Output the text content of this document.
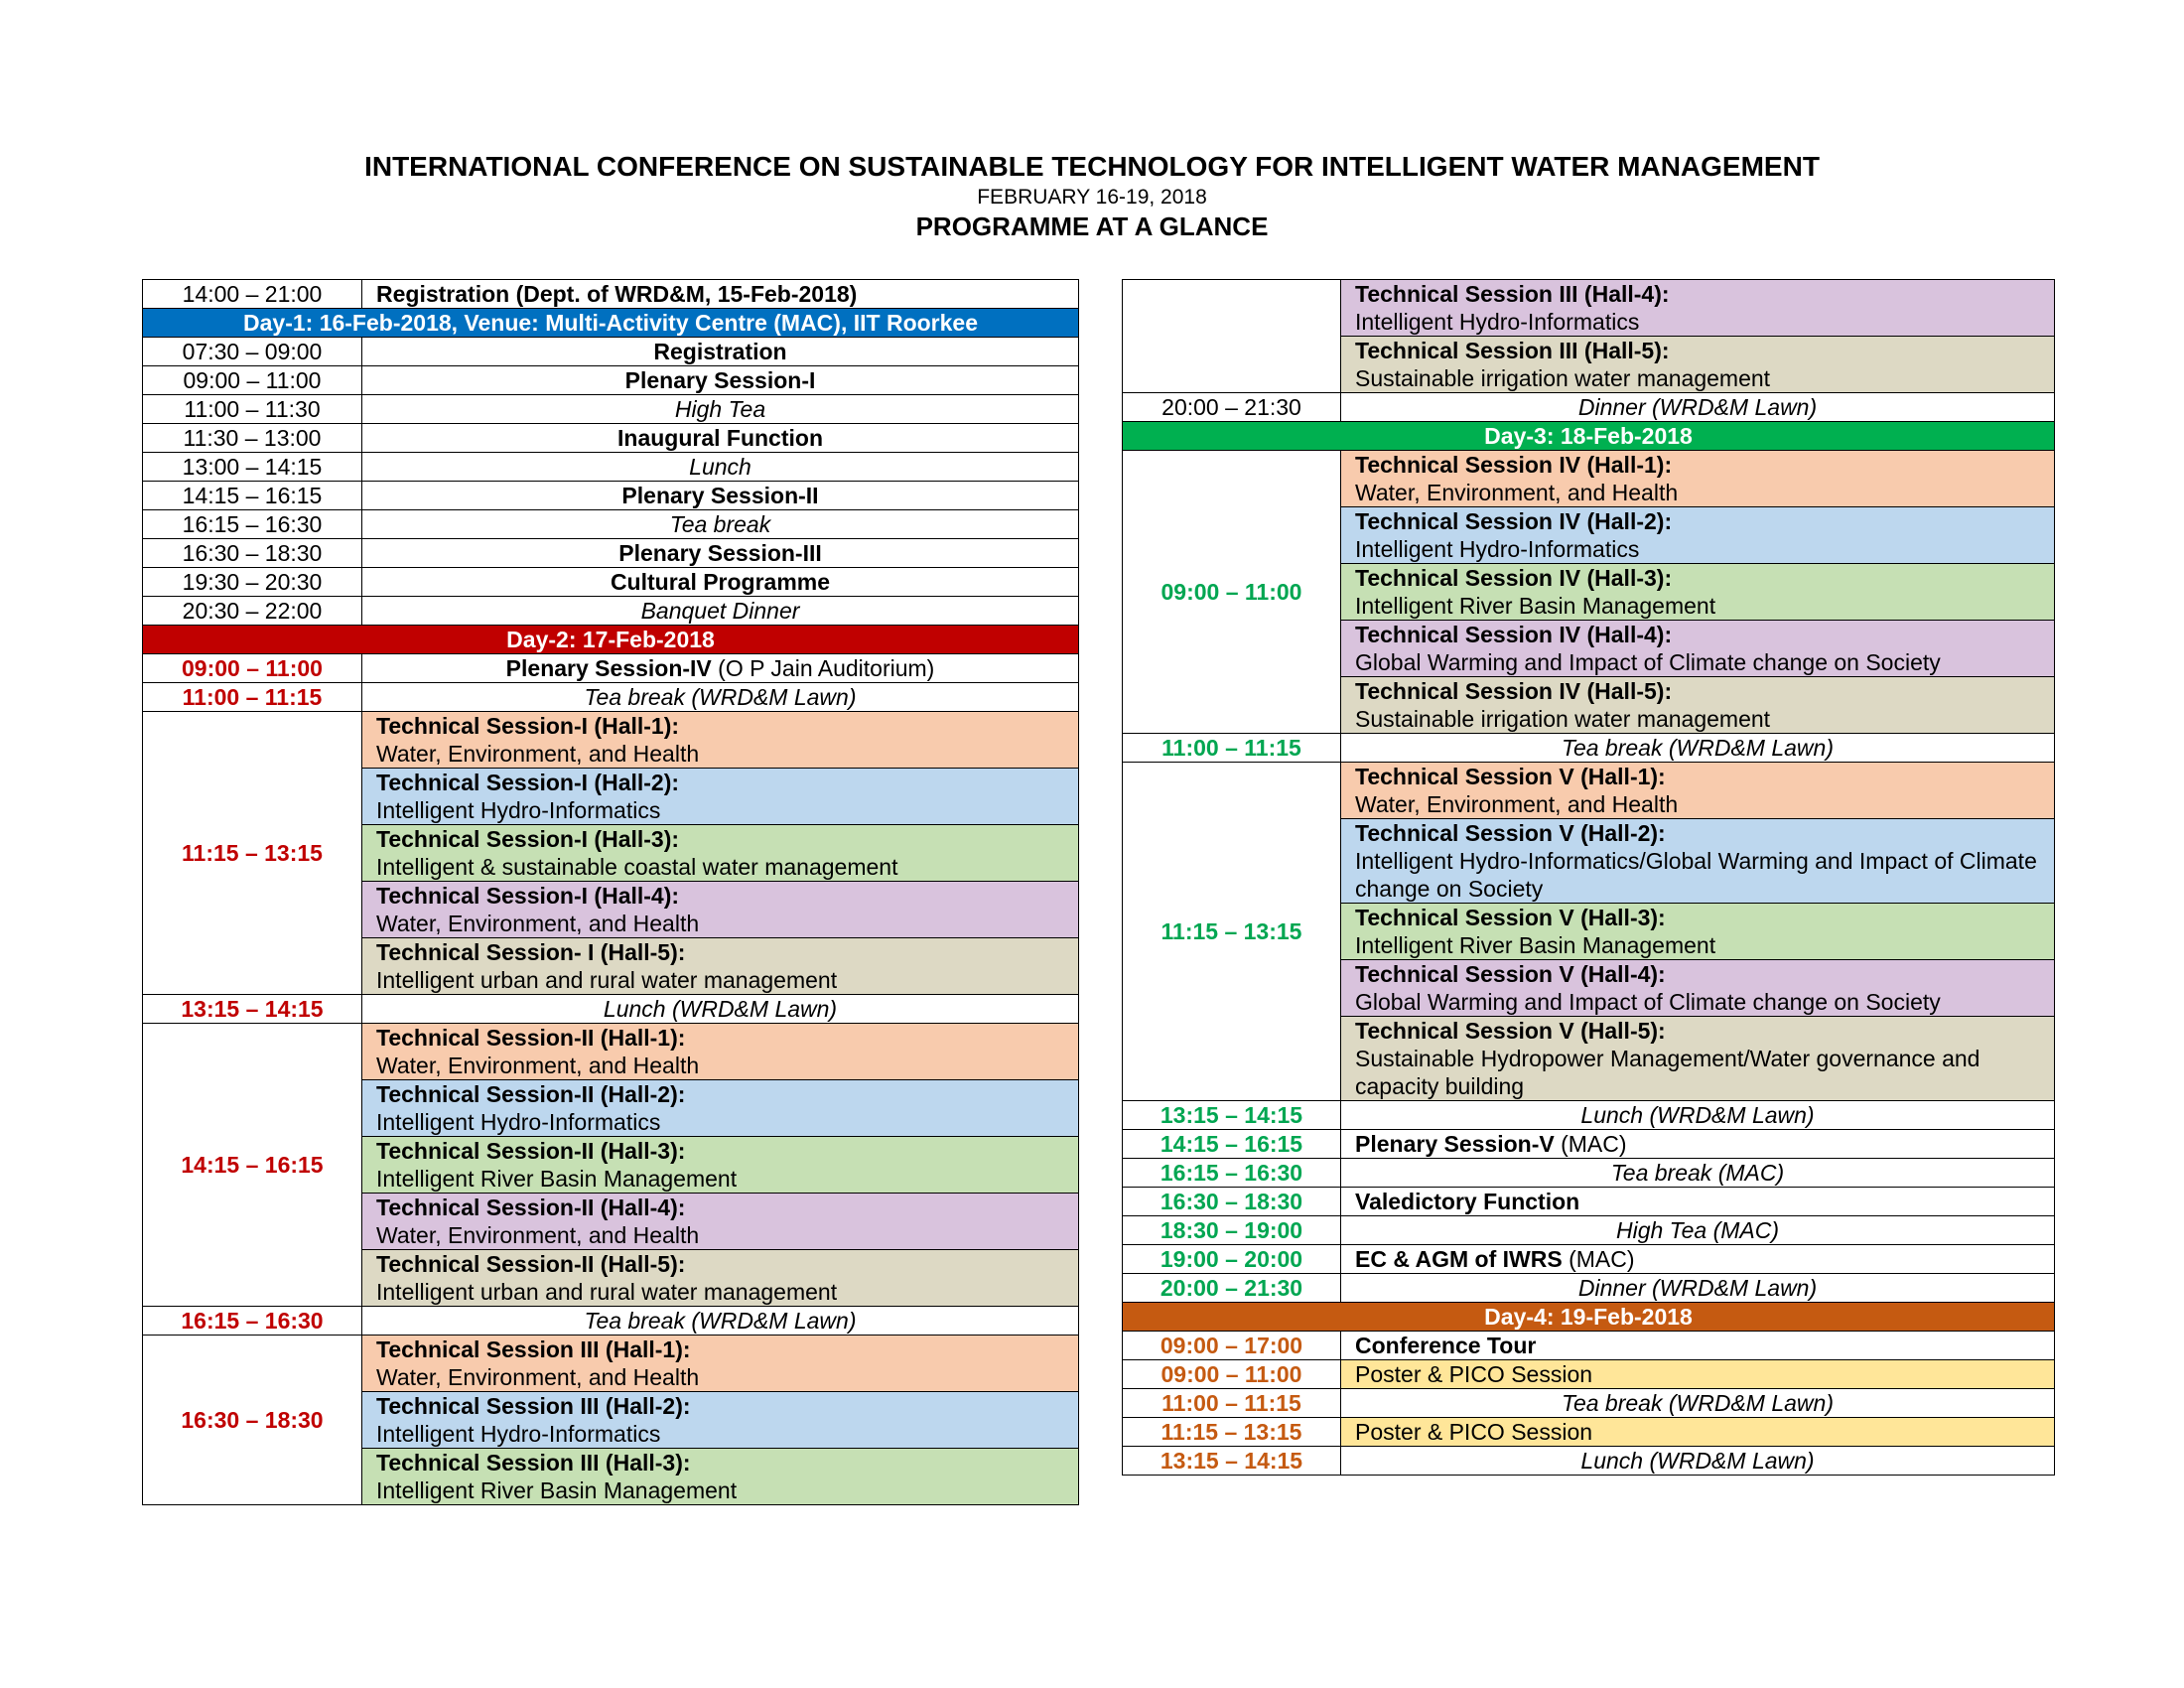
INTERNATIONAL CONFERENCE ON SUSTAINABLE TECHNOLOGY FOR INTELLIGENT WATER MANAGEMENT
FEBRUARY 16-19, 2018
PROGRAMME AT A GLANCE
14:00 – 21:00	Registration (Dept. of WRD&M, 15-Feb-2018)
Day-1: 16-Feb-2018, Venue: Multi-Activity Centre (MAC), IIT Roorkee	
07:30 – 09:00	Registration
09:00 – 11:00	Plenary Session-I
11:00 – 11:30	High Tea
11:30 – 13:00	Inaugural Function
13:00 – 14:15	Lunch
14:15 – 16:15	Plenary Session-II
16:15 – 16:30	Tea break
16:30 – 18:30	Plenary Session-III
19:30 – 20:30	Cultural Programme
20:30 – 22:00	Banquet Dinner
Day-2: 17-Feb-2018	
09:00 – 11:00	Plenary Session-IV (O P Jain Auditorium)
11:00 – 11:15	Tea break (WRD&M Lawn)
11:15 – 13:15	Technical Session-I (Hall-1):
Water, Environment, and Health

	Technical Session-I (Hall-2):
Intelligent Hydro-Informatics

	Technical Session-I (Hall-3):
Intelligent & sustainable coastal water management

	Technical Session-I (Hall-4):
Water, Environment, and Health

	Technical Session- I (Hall-5):
Intelligent urban and rural water management

13:15 – 14:15	Lunch (WRD&M Lawn)
14:15 – 16:15	Technical Session-II (Hall-1):
Water, Environment, and Health

	Technical Session-II (Hall-2):
Intelligent Hydro-Informatics

	Technical Session-II (Hall-3):
Intelligent River Basin Management

	Technical Session-II (Hall-4):
Water, Environment, and Health

	Technical Session-II (Hall-5):
Intelligent urban and rural water management

16:15 – 16:30	Tea break (WRD&M Lawn)
16:30 – 18:30	Technical Session III (Hall-1):
Water, Environment, and Health

	Technical Session III (Hall-2):
Intelligent Hydro-Informatics

	Technical Session III (Hall-3):
Intelligent River Basin Management

	Technical Session III (Hall-4):
Intelligent Hydro-Informatics

	Technical Session III (Hall-5):
Sustainable irrigation water management

20:00 – 21:30	Dinner (WRD&M Lawn)
Day-3: 18-Feb-2018	
09:00 – 11:00	Technical Session IV (Hall-1):
Water, Environment, and Health

	Technical Session IV (Hall-2):
Intelligent Hydro-Informatics

	Technical Session IV (Hall-3):
Intelligent River Basin Management

	Technical Session IV (Hall-4):
Global Warming and Impact of Climate change on Society

	Technical Session IV (Hall-5):
Sustainable irrigation water management

11:00 – 11:15	Tea break (WRD&M Lawn)
11:15 – 13:15	Technical Session V (Hall-1):
Water, Environment, and Health

	Technical Session V (Hall-2):
Intelligent Hydro-Informatics/Global Warming and Impact of Climate change on Society

	Technical Session V (Hall-3):
Intelligent River Basin Management

	Technical Session V (Hall-4):
Global Warming and Impact of Climate change on Society

	Technical Session V (Hall-5):
Sustainable Hydropower Management/Water governance and capacity building

13:15 – 14:15	Lunch (WRD&M Lawn)
14:15 – 16:15	Plenary Session-V (MAC)
16:15 – 16:30	Tea break (MAC)
16:30 – 18:30	Valedictory Function
18:30 – 19:00	High Tea (MAC)
19:00 – 20:00	EC & AGM of IWRS (MAC)
20:00 – 21:30	Dinner (WRD&M Lawn)
Day-4: 19-Feb-2018	
09:00 – 17:00	Conference Tour
09:00 – 11:00	Poster & PICO Session
11:00 – 11:15	Tea break (WRD&M Lawn)
11:15 – 13:15	Poster & PICO Session
13:15 – 14:15	Lunch (WRD&M Lawn)
